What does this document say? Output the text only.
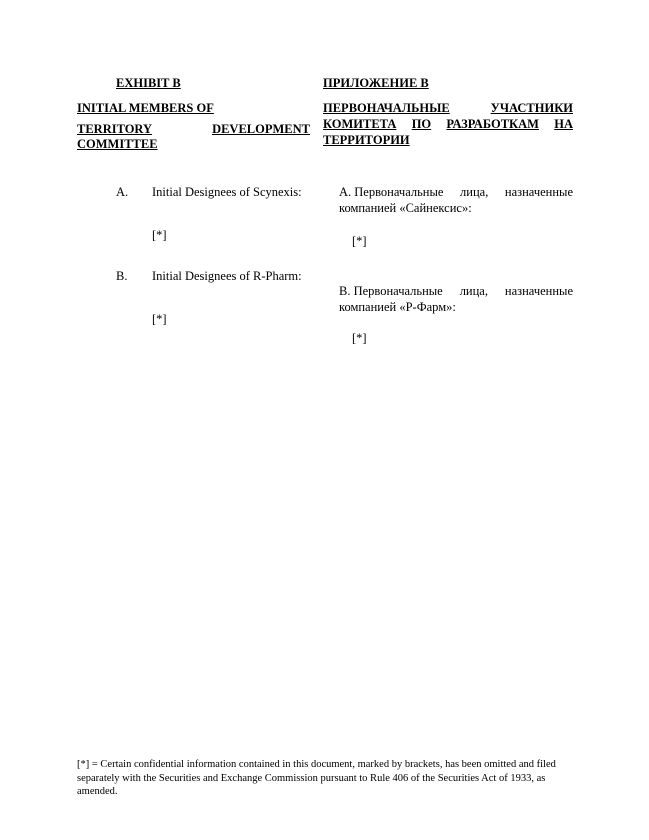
EXHIBIT B
INITIAL MEMBERS OF
TERRITORY	DEVELOPMENT
COMMITTEE
A. Initial Designees of Scynexis:
[*]
B. Initial Designees of R-Pharm:
[*]
ПРИЛОЖЕНИЕ В
ПЕРВОНАЧАЛЬНЫЕ	УЧАСТНИКИ
КОМИТЕТА ПО РАЗРАБОТКАМ НА
ТЕРРИТОРИИ
А. Первоначальные лица, назначенные
компанией «Сайнексис»:
[*]
В. Первоначальные лица, назначенные
компанией «Р-Фарм»:
[*]
[*] = Certain confidential information contained in this document, marked by brackets, has been omitted and filed separately with the Securities and Exchange Commission pursuant to Rule 406 of the Securities Act of 1933, as amended.
